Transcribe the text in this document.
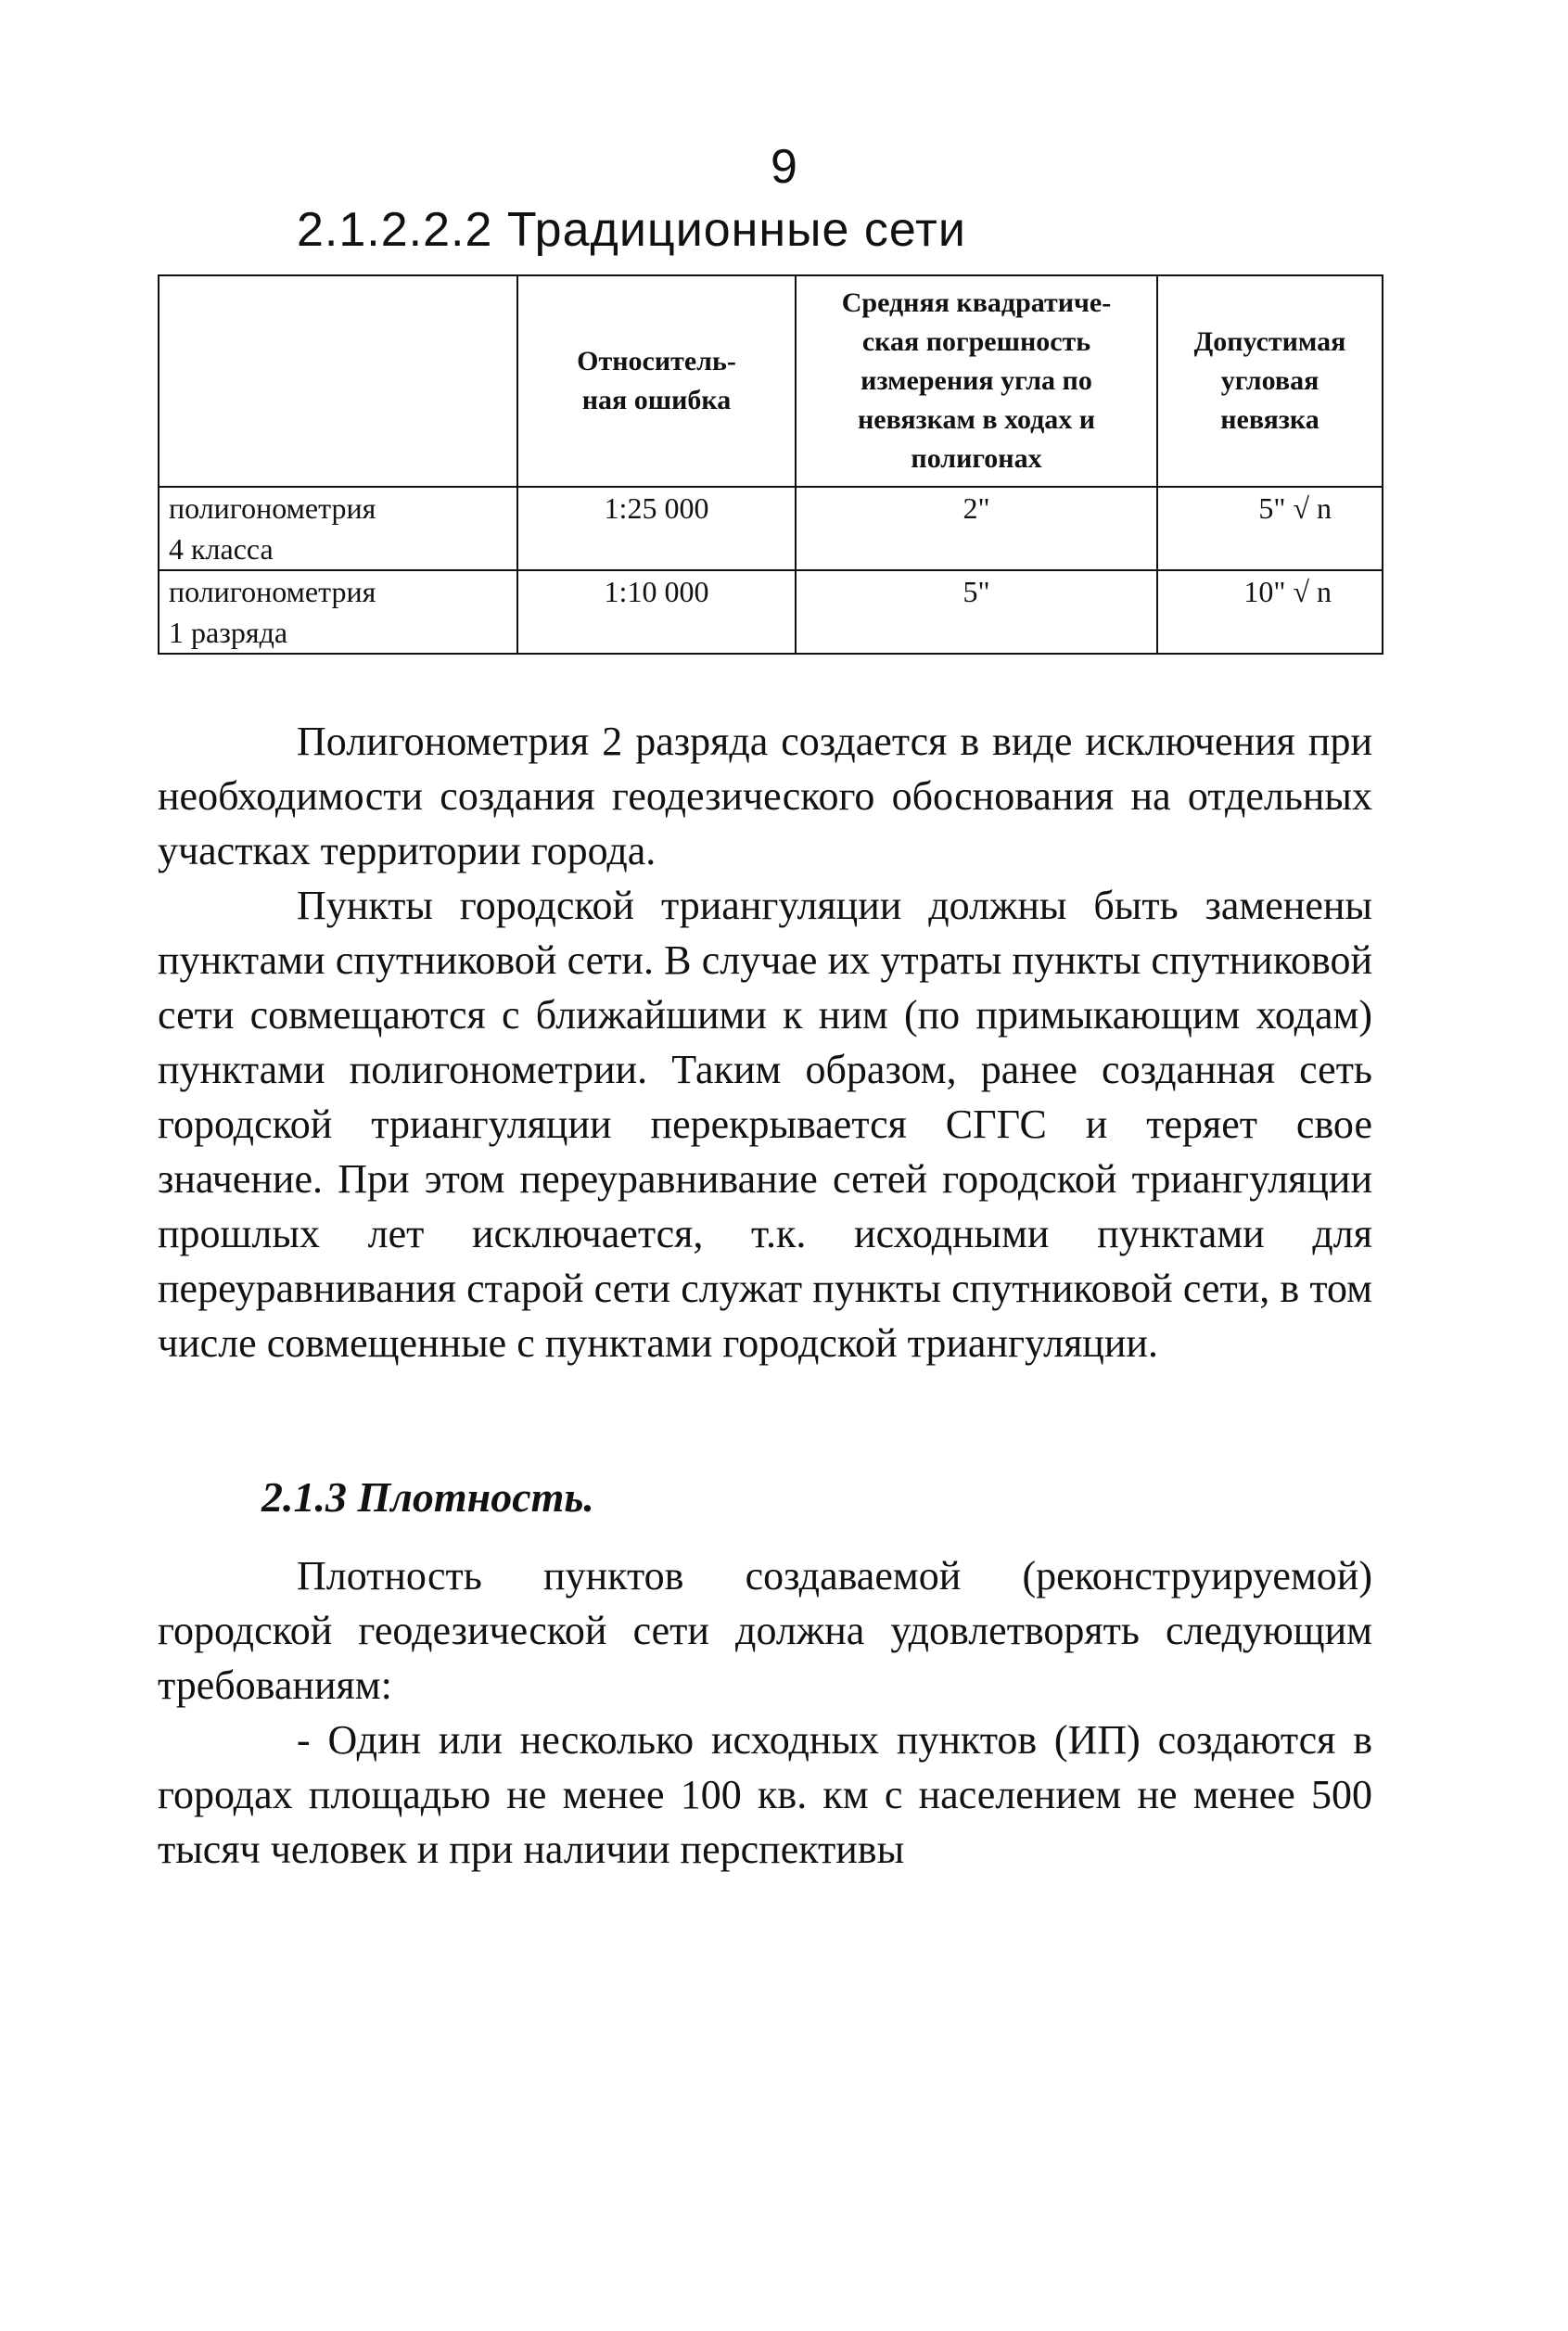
9
2.1.2.2.2 Традиционные сети
	Относитель-
ная ошибка	Средняя квадратиче-
ская погрешность
измерения угла по
невязкам в ходах и
полигонах	Допустимая
угловая
невязка
полигонометрия
4 класса	1:25 000	2"	5" √ n
полигонометрия
1 разряда	1:10 000	5"	10" √ n

Полигонометрия 2 разряда создается в виде исключения при необходимости создания геодезического обоснования на отдельных участках территории города.

Пункты городской триангуляции должны быть заменены пунктами спутниковой сети. В случае их утраты пункты спутниковой сети совмещаются с ближайшими к ним (по примыкающим ходам) пунктами полигонометрии. Таким образом, ранее созданная сеть городской триангуляции перекрывается СГГС и теряет свое значение. При этом переуравнивание сетей городской триангуляции прошлых лет исключается, т.к. исходными пунктами для переуравнивания старой сети служат пункты спутниковой сети, в том числе совмещенные с пунктами городской триангуляции.

2.1.3 Плотность.

Плотность пунктов создаваемой (реконструируемой) городской геодезической сети должна удовлетворять следующим требованиям:

- Один или несколько исходных пунктов (ИП) создаются в городах площадью не менее 100 кв. км с населением не менее 500 тысяч человек и при наличии перспективы
